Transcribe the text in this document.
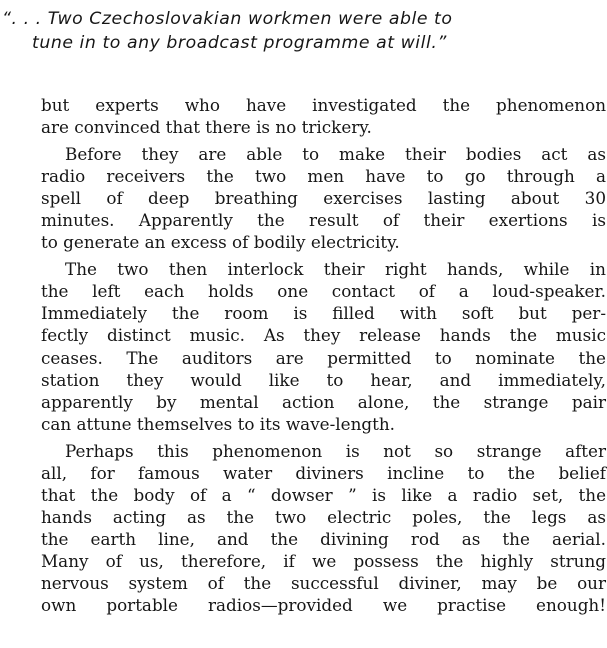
“. . . Two Czechoslovakian workmen were able to
tune in to any broadcast programme at will.”
but experts who have investigated the phenomenon
are convinced that there is no trickery.
Before they are able to make their bodies act as
radio receivers the two men have to go through a
spell of deep breathing exercises lasting about 30
minutes. Apparently the result of their exertions is
to generate an excess of bodily electricity.
The two then interlock their right hands, while in
the left each holds one contact of a loud-speaker.
Immediately the room is filled with soft but per-
fectly distinct music. As they release hands the music
ceases. The auditors are permitted to nominate the
station they would like to hear, and immediately,
apparently by mental action alone, the strange pair
can attune themselves to its wave-length.
Perhaps this phenomenon is not so strange after
all, for famous water diviners incline to the belief
that the body of a “ dowser ” is like a radio set, the
hands acting as the two electric poles, the legs as
the earth line, and the divining rod as the aerial.
Many of us, therefore, if we possess the highly strung
nervous system of the successful diviner, may be our
own portable radios—provided we practise enough!
